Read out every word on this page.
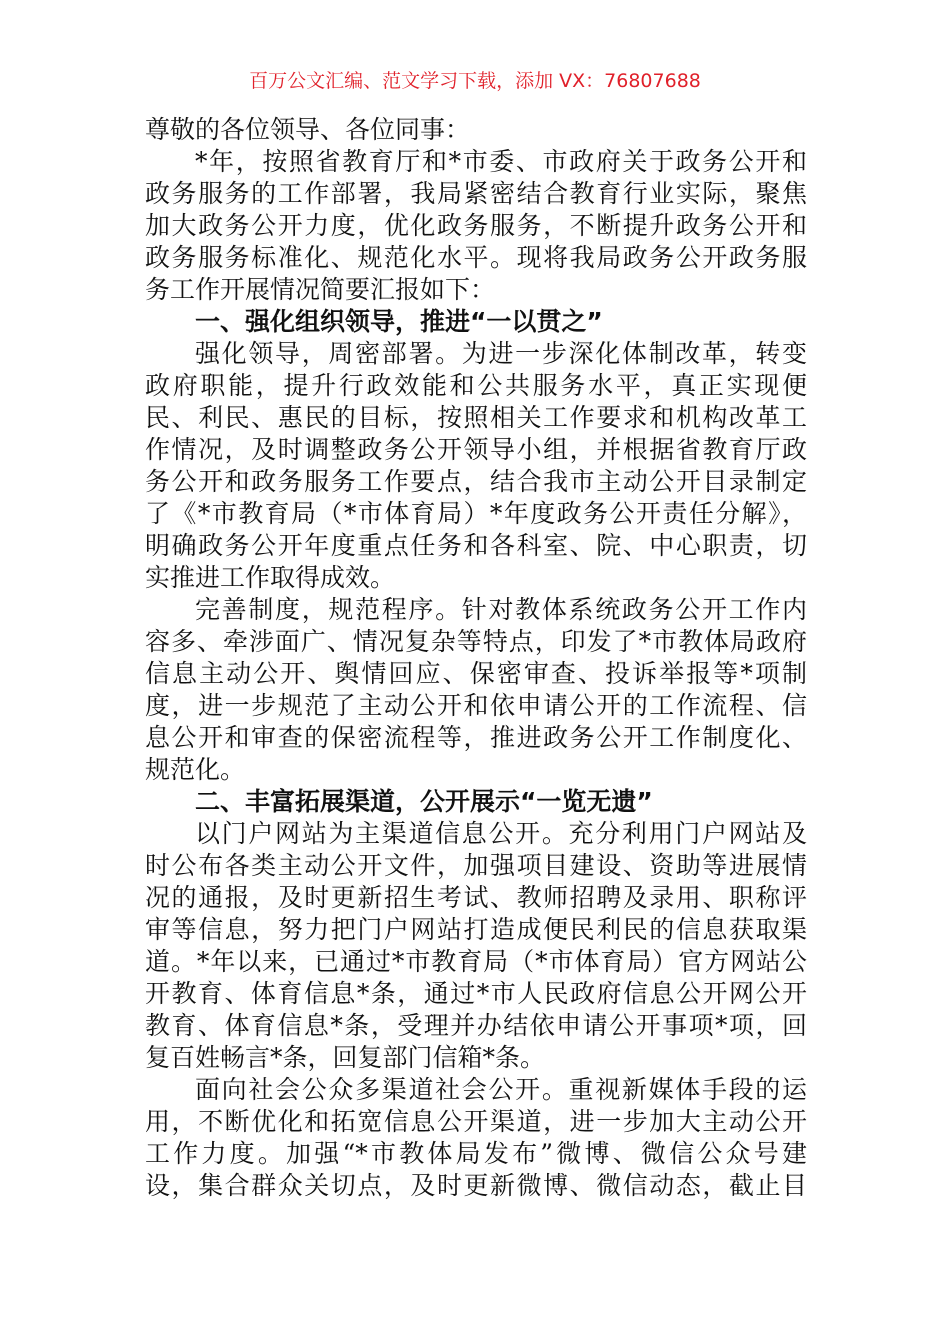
百万公文汇编、范文学习下载，添加 VX：76807688
尊敬的各位领导、各位同事：
*年，按照省教育厅和*市委、市政府关于政务公开和
政务服务的工作部署，我局紧密结合教育行业实际，聚焦
加大政务公开力度，优化政务服务，不断提升政务公开和
政务服务标准化、规范化水平。现将我局政务公开政务服
务工作开展情况简要汇报如下：
一、强化组织领导，推进“一以贯之”
强化领导，周密部署。为进一步深化体制改革，转变
政府职能，提升行政效能和公共服务水平，真正实现便
民、利民、惠民的目标，按照相关工作要求和机构改革工
作情况，及时调整政务公开领导小组，并根据省教育厅政
务公开和政务服务工作要点，结合我市主动公开目录制定
了《*市教育局（*市体育局）*年度政务公开责任分解》，
明确政务公开年度重点任务和各科室、院、中心职责，切
实推进工作取得成效。
完善制度，规范程序。针对教体系统政务公开工作内
容多、牵涉面广、情况复杂等特点，印发了*市教体局政府
信息主动公开、舆情回应、保密审查、投诉举报等*项制
度，进一步规范了主动公开和依申请公开的工作流程、信
息公开和审查的保密流程等，推进政务公开工作制度化、
规范化。
二、丰富拓展渠道，公开展示“一览无遗”
以门户网站为主渠道信息公开。充分利用门户网站及
时公布各类主动公开文件，加强项目建设、资助等进展情
况的通报，及时更新招生考试、教师招聘及录用、职称评
审等信息，努力把门户网站打造成便民利民的信息获取渠
道。*年以来，已通过*市教育局（*市体育局）官方网站公
开教育、体育信息*条，通过*市人民政府信息公开网公开
教育、体育信息*条，受理并办结依申请公开事项*项，回
复百姓畅言*条，回复部门信箱*条。
面向社会公众多渠道社会公开。重视新媒体手段的运
用，不断优化和拓宽信息公开渠道，进一步加大主动公开
工作力度。加强“*市教体局发布”微博、微信公众号建
设，集合群众关切点，及时更新微博、微信动态，截止目
